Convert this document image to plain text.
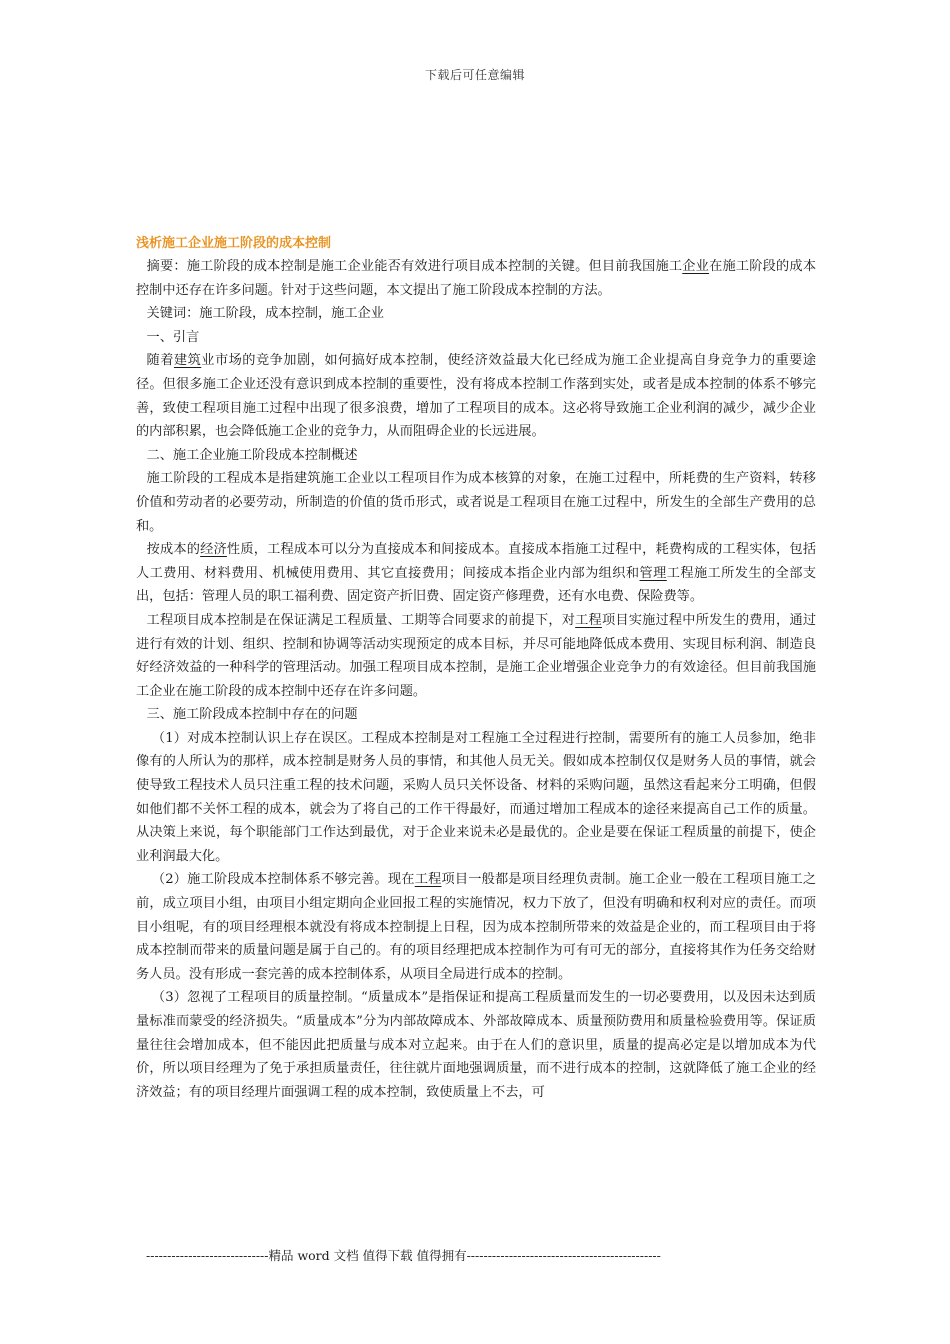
下载后可任意编辑
浅析施工企业施工阶段的成本控制

摘要：施工阶段的成本控制是施工企业能否有效进行项目成本控制的关键。但目前我国施工企业在施工阶段的成本控制中还存在许多问题。针对于这些问题，本文提出了施工阶段成本控制的方法。

关键词：施工阶段，成本控制，施工企业

一、引言

随着建筑业市场的竞争加剧，如何搞好成本控制，使经济效益最大化已经成为施工企业提高自身竞争力的重要途径。但很多施工企业还没有意识到成本控制的重要性，没有将成本控制工作落到实处，或者是成本控制的体系不够完善，致使工程项目施工过程中出现了很多浪费，增加了工程项目的成本。这必将导致施工企业利润的减少，减少企业的内部积累，也会降低施工企业的竞争力，从而阻碍企业的长远进展。

二、施工企业施工阶段成本控制概述

施工阶段的工程成本是指建筑施工企业以工程项目作为成本核算的对象，在施工过程中，所耗费的生产资料，转移价值和劳动者的必要劳动，所制造的价值的货币形式，或者说是工程项目在施工过程中，所发生的全部生产费用的总和。

按成本的经济性质，工程成本可以分为直接成本和间接成本。直接成本指施工过程中，耗费构成的工程实体，包括人工费用、材料费用、机械使用费用、其它直接费用；间接成本指企业内部为组织和管理工程施工所发生的全部支出，包括：管理人员的职工福利费、固定资产折旧费、固定资产修理费，还有水电费、保险费等。

工程项目成本控制是在保证满足工程质量、工期等合同要求的前提下，对工程项目实施过程中所发生的费用，通过进行有效的计划、组织、控制和协调等活动实现预定的成本目标，并尽可能地降低成本费用、实现目标利润、制造良好经济效益的一种科学的管理活动。加强工程项目成本控制，是施工企业增强企业竞争力的有效途径。但目前我国施工企业在施工阶段的成本控制中还存在许多问题。

三、施工阶段成本控制中存在的问题

（1）对成本控制认识上存在误区。工程成本控制是对工程施工全过程进行控制，需要所有的施工人员参加，绝非像有的人所认为的那样，成本控制是财务人员的事情，和其他人员无关。假如成本控制仅仅是财务人员的事情，就会使导致工程技术人员只注重工程的技术问题，采购人员只关怀设备、材料的采购问题，虽然这看起来分工明确，但假如他们都不关怀工程的成本，就会为了将自己的工作干得最好，而通过增加工程成本的途径来提高自己工作的质量。从决策上来说，每个职能部门工作达到最优，对于企业来说未必是最优的。企业是要在保证工程质量的前提下，使企业利润最大化。

（2）施工阶段成本控制体系不够完善。现在工程项目一般都是项目经理负责制。施工企业一般在工程项目施工之前，成立项目小组，由项目小组定期向企业回报工程的实施情况，权力下放了，但没有明确和权利对应的责任。而项目小组呢，有的项目经理根本就没有将成本控制提上日程，因为成本控制所带来的效益是企业的，而工程项目由于将成本控制而带来的质量问题是属于自己的。有的项目经理把成本控制作为可有可无的部分，直接将其作为任务交给财务人员。没有形成一套完善的成本控制体系，从项目全局进行成本的控制。

（3）忽视了工程项目的质量控制。“质量成本”是指保证和提高工程质量而发生的一切必要费用，以及因未达到质量标准而蒙受的经济损失。“质量成本”分为内部故障成本、外部故障成本、质量预防费用和质量检验费用等。保证质量往往会增加成本，但不能因此把质量与成本对立起来。由于在人们的意识里，质量的提高必定是以增加成本为代价，所以项目经理为了免于承担质量责任，往往就片面地强调质量，而不进行成本的控制，这就降低了施工企业的经济效益；有的项目经理片面强调工程的成本控制，致使质量上不去，可

-----------------------------精品 word 文档 值得下载 值得拥有----------------------------------------------
